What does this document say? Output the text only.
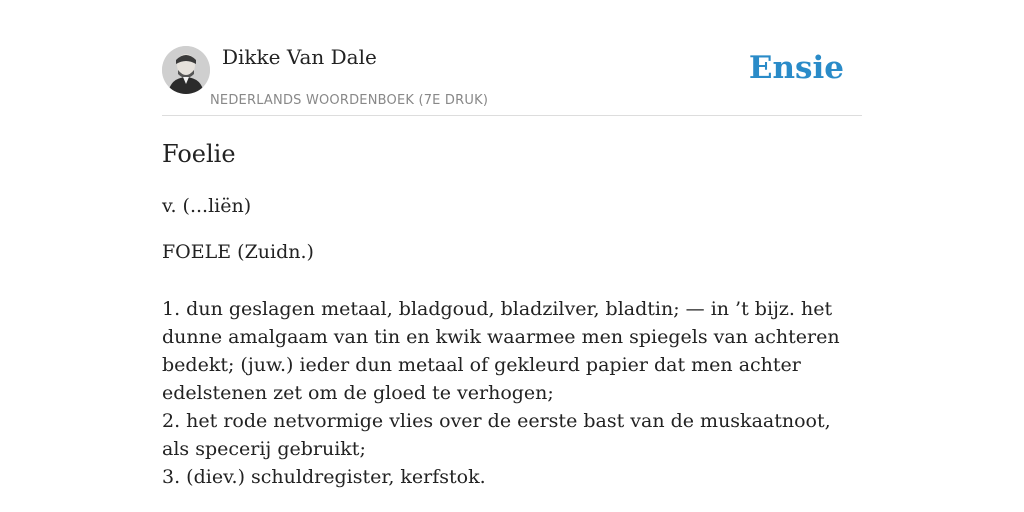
Dikke Van Dale
NEDERLANDS WOORDENBOEK (7E DRUK)
Ensie
Foelie
v. (...liën)
FOELE (Zuidn.)
1. dun geslagen metaal, bladgoud, bladzilver, bladtin; — in ’t bijz. het dunne amalgaam van tin en kwik waarmee men spiegels van achteren bedekt; (juw.) ieder dun metaal of gekleurd papier dat men achter edelstenen zet om de gloed te verhogen;
2. het rode netvormige vlies over de eerste bast van de muskaatnoot, als specerij gebruikt;
3. (diev.) schuldregister, kerfstok.
